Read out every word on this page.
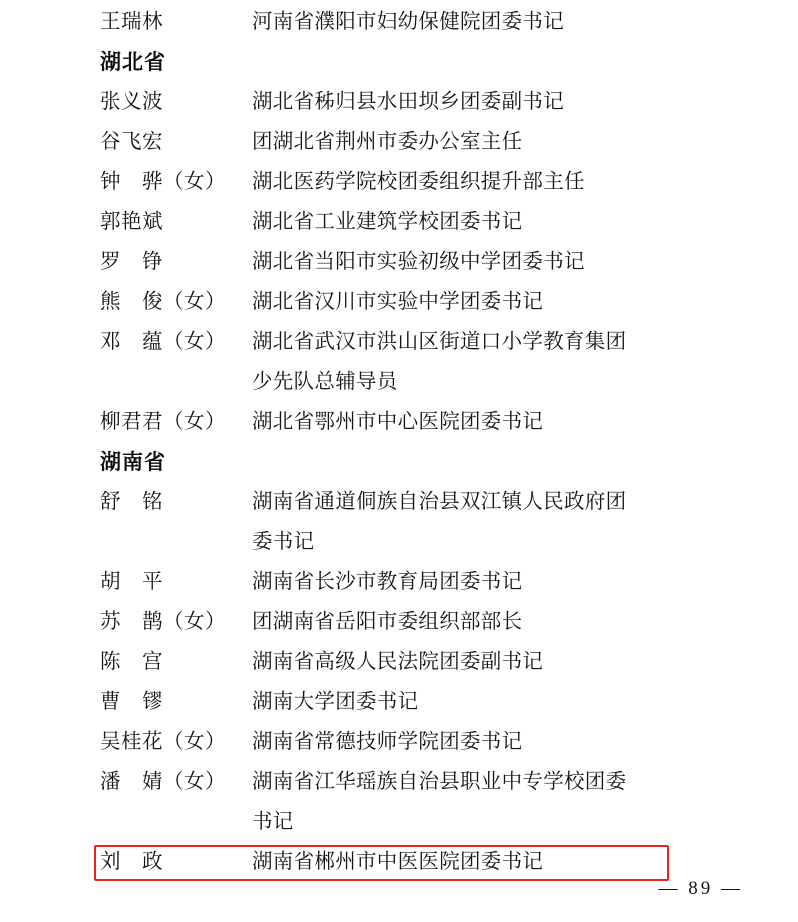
王瑞林	河南省濮阳市妇幼保健院团委书记
湖北省
张义波	湖北省秭归县水田坝乡团委副书记
谷飞宏	团湖北省荆州市委办公室主任
钟　骅（女）	湖北医药学院校团委组织提升部主任
郭艳斌	湖北省工业建筑学校团委书记
罗　铮	湖北省当阳市实验初级中学团委书记
熊　俊（女）	湖北省汉川市实验中学团委书记
邓　蕴（女）	湖北省武汉市洪山区街道口小学教育集团
少先队总辅导员
柳君君（女）	湖北省鄂州市中心医院团委书记
湖南省
舒　铭	湖南省通道侗族自治县双江镇人民政府团
委书记
胡　平	湖南省长沙市教育局团委书记
苏　鹊（女）	团湖南省岳阳市委组织部部长
陈　宫	湖南省高级人民法院团委副书记
曹　镠	湖南大学团委书记
吴桂花（女）	湖南省常德技师学院团委书记
潘　婧（女）	湖南省江华瑶族自治县职业中专学校团委
书记
刘　政	湖南省郴州市中医医院团委书记
— 89 —
